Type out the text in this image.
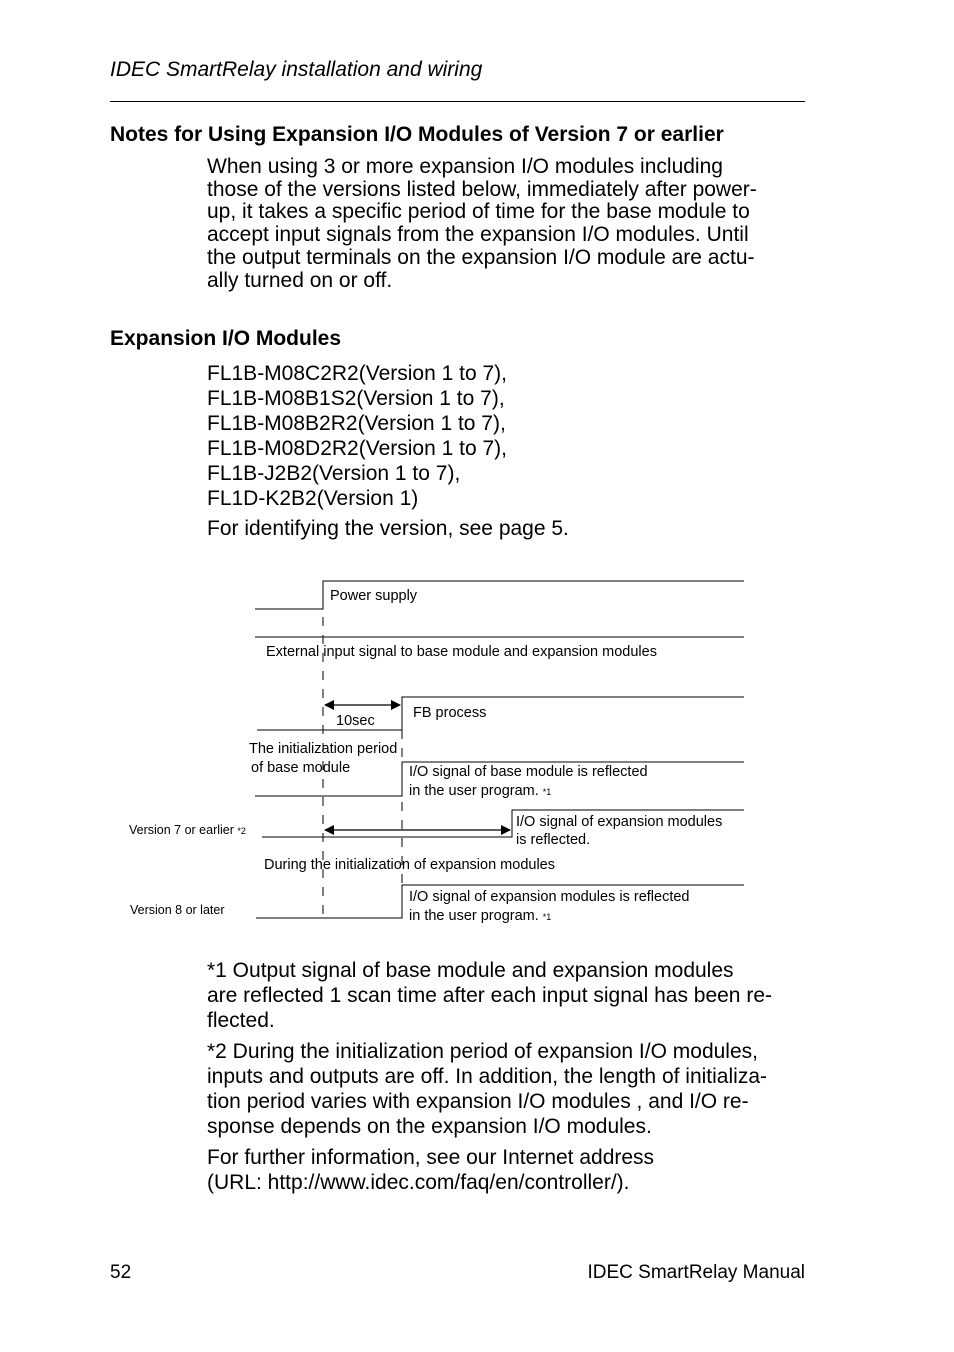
IDEC SmartRelay installation and wiring
Notes for Using Expansion I/O Modules of Version 7 or earlier
When using 3 or more expansion I/O modules including
those of the versions listed below, immediately after power-
up, it takes a specific period of time for the base module to
accept input signals from the expansion I/O modules. Until
the output terminals on the expansion I/O module are actu-
ally turned on or off.
Expansion I/O Modules
FL1B-M08C2R2(Version 1 to 7),
FL1B-M08B1S2(Version 1 to 7),
FL1B-M08B2R2(Version 1 to 7),
FL1B-M08D2R2(Version 1 to 7),
FL1B-J2B2(Version 1 to 7),
FL1D-K2B2(Version 1)
For identifying the version, see page 5.
Power supply
External input signal to base module and expansion modules
10sec	FB process
The initialization period
of base module	I/O signal of base module is reflected
in the user program. *1
Version 7 or earlier *2
I/O signal of expansion modules
is reflected.
During the initialization of expansion modules
Version 8 or later
I/O signal of expansion modules is reflected
in the user program. *1
*1 Output signal of base module and expansion modules
are reflected 1 scan time after each input signal has been re-
flected.
*2 During the initialization period of expansion I/O modules,
inputs and outputs are off. In addition, the length of initializa-
tion period varies with expansion I/O modules , and I/O re-
sponse depends on the expansion I/O modules.
For further information, see our Internet address
(URL: http://www.idec.com/faq/en/controller/).
52	IDEC SmartRelay Manual
